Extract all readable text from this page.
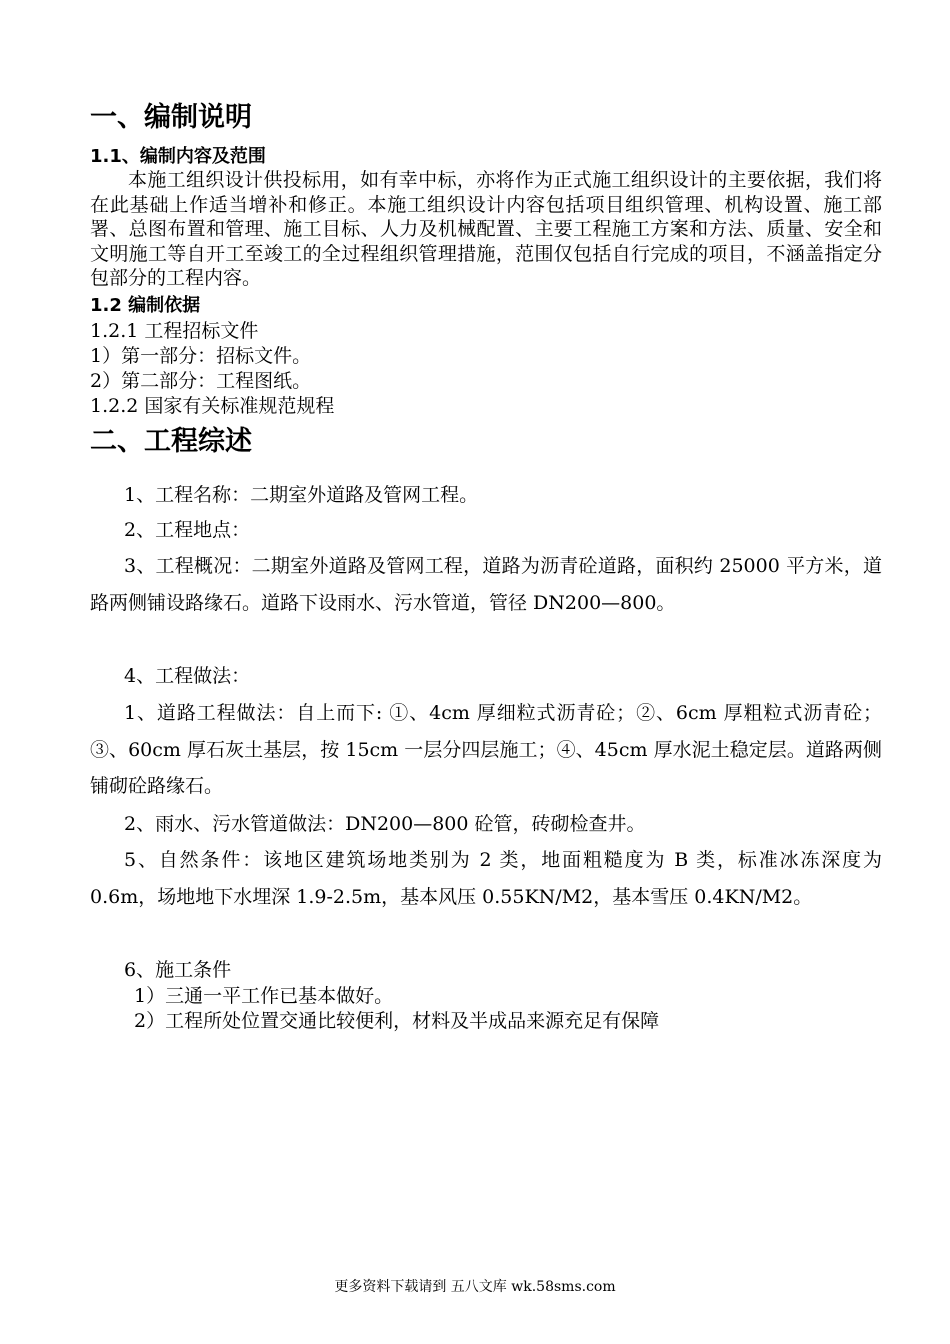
一、编制说明
1.1、编制内容及范围

本施工组织设计供投标用，如有幸中标，亦将作为正式施工组织设计的主要依据，我们将在此基础上作适当增补和修正。本施工组织设计内容包括项目组织管理、机构设置、施工部署、总图布置和管理、施工目标、人力及机械配置、主要工程施工方案和方法、质量、安全和文明施工等自开工至竣工的全过程组织管理措施，范围仅包括自行完成的项目，不涵盖指定分包部分的工程内容。

1.2 编制依据
1.2.1 工程招标文件
1）第一部分：招标文件。
2）第二部分：工程图纸。
1.2.2 国家有关标准规范规程
二、工程综述
1、工程名称：二期室外道路及管网工程。
2、工程地点：

3、工程概况：二期室外道路及管网工程，道路为沥青砼道路，面积约 25000 平方米，道路两侧铺设路缘石。道路下设雨水、污水管道，管径 DN200—800。

4、工程做法：

1、道路工程做法：自上而下: ①、4cm 厚细粒式沥青砼；②、6cm 厚粗粒式沥青砼；③、60cm 厚石灰土基层，按 15cm 一层分四层施工；④、45cm 厚水泥土稳定层。道路两侧铺砌砼路缘石。

2、雨水、污水管道做法：DN200—800 砼管，砖砌检查井。

5、自然条件：该地区建筑场地类别为 2 类，地面粗糙度为 B 类，标准冰冻深度为 0.6m，场地地下水埋深 1.9-2.5m，基本风压 0.55KN/M2，基本雪压 0.4KN/M2。

6、施工条件
1）三通一平工作已基本做好。
2）工程所处位置交通比较便利，材料及半成品来源充足有保障
更多资料下载请到 五八文库 wk.58sms.com
